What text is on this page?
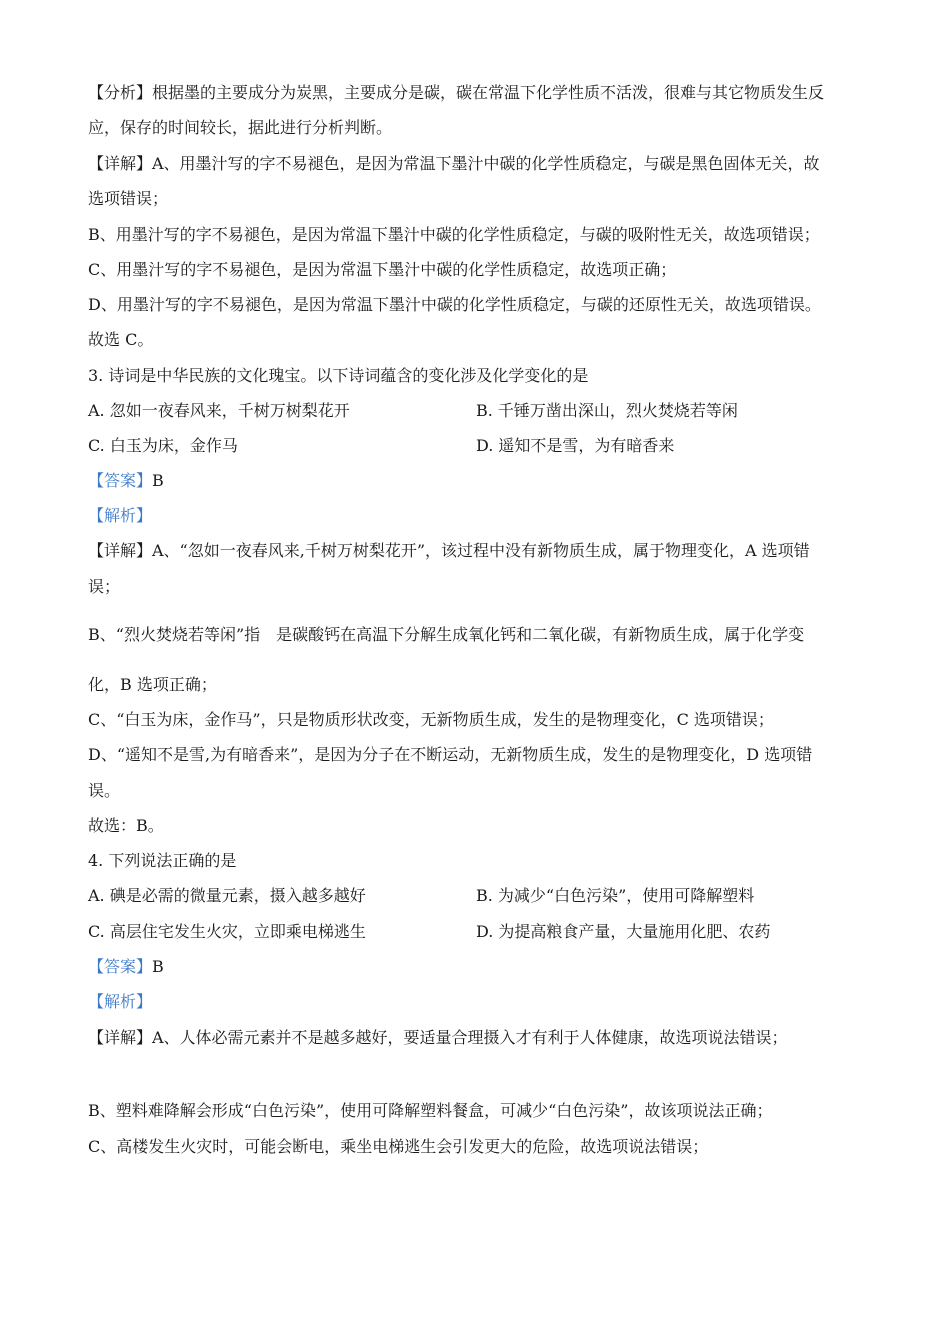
【分析】根据墨的主要成分为炭黑，主要成分是碳，碳在常温下化学性质不活泼，很难与其它物质发生反
应，保存的时间较长，据此进行分析判断。
【详解】A、用墨汁写的字不易褪色，是因为常温下墨汁中碳的化学性质稳定，与碳是黑色固体无关，故
选项错误；
B、用墨汁写的字不易褪色，是因为常温下墨汁中碳的化学性质稳定，与碳的吸附性无关，故选项错误；
C、用墨汁写的字不易褪色，是因为常温下墨汁中碳的化学性质稳定，故选项正确；
D、用墨汁写的字不易褪色，是因为常温下墨汁中碳的化学性质稳定，与碳的还原性无关，故选项错误。
故选 C。
3. 诗词是中华民族的文化瑰宝。以下诗词蕴含的变化涉及化学变化的是
A. 忽如一夜春风来，千树万树梨花开	B. 千锤万凿出深山，烈火焚烧若等闲
C. 白玉为床，金作马	D. 遥知不是雪，为有暗香来
【答案】B
【解析】
【详解】A、“忽如一夜春风来,千树万树梨花开”，该过程中没有新物质生成，属于物理变化，A 选项错
误；
B、“烈火焚烧若等闲”指　是碳酸钙在高温下分解生成氧化钙和二氧化碳，有新物质生成，属于化学变
化，B 选项正确；
C、“白玉为床，金作马”，只是物质形状改变，无新物质生成，发生的是物理变化，C 选项错误；
D、“遥知不是雪,为有暗香来”，是因为分子在不断运动，无新物质生成，发生的是物理变化，D 选项错
误。
故选：B。
4. 下列说法正确的是
A. 碘是必需的微量元素，摄入越多越好	B. 为减少“白色污染”，使用可降解塑料
C. 高层住宅发生火灾，立即乘电梯逃生	D. 为提高粮食产量，大量施用化肥、农药
【答案】B
【解析】
【详解】A、人体必需元素并不是越多越好，要适量合理摄入才有利于人体健康，故选项说法错误；
B、塑料难降解会形成“白色污染”，使用可降解塑料餐盒，可减少“白色污染”，故该项说法正确；
C、高楼发生火灾时，可能会断电，乘坐电梯逃生会引发更大的危险，故选项说法错误；
